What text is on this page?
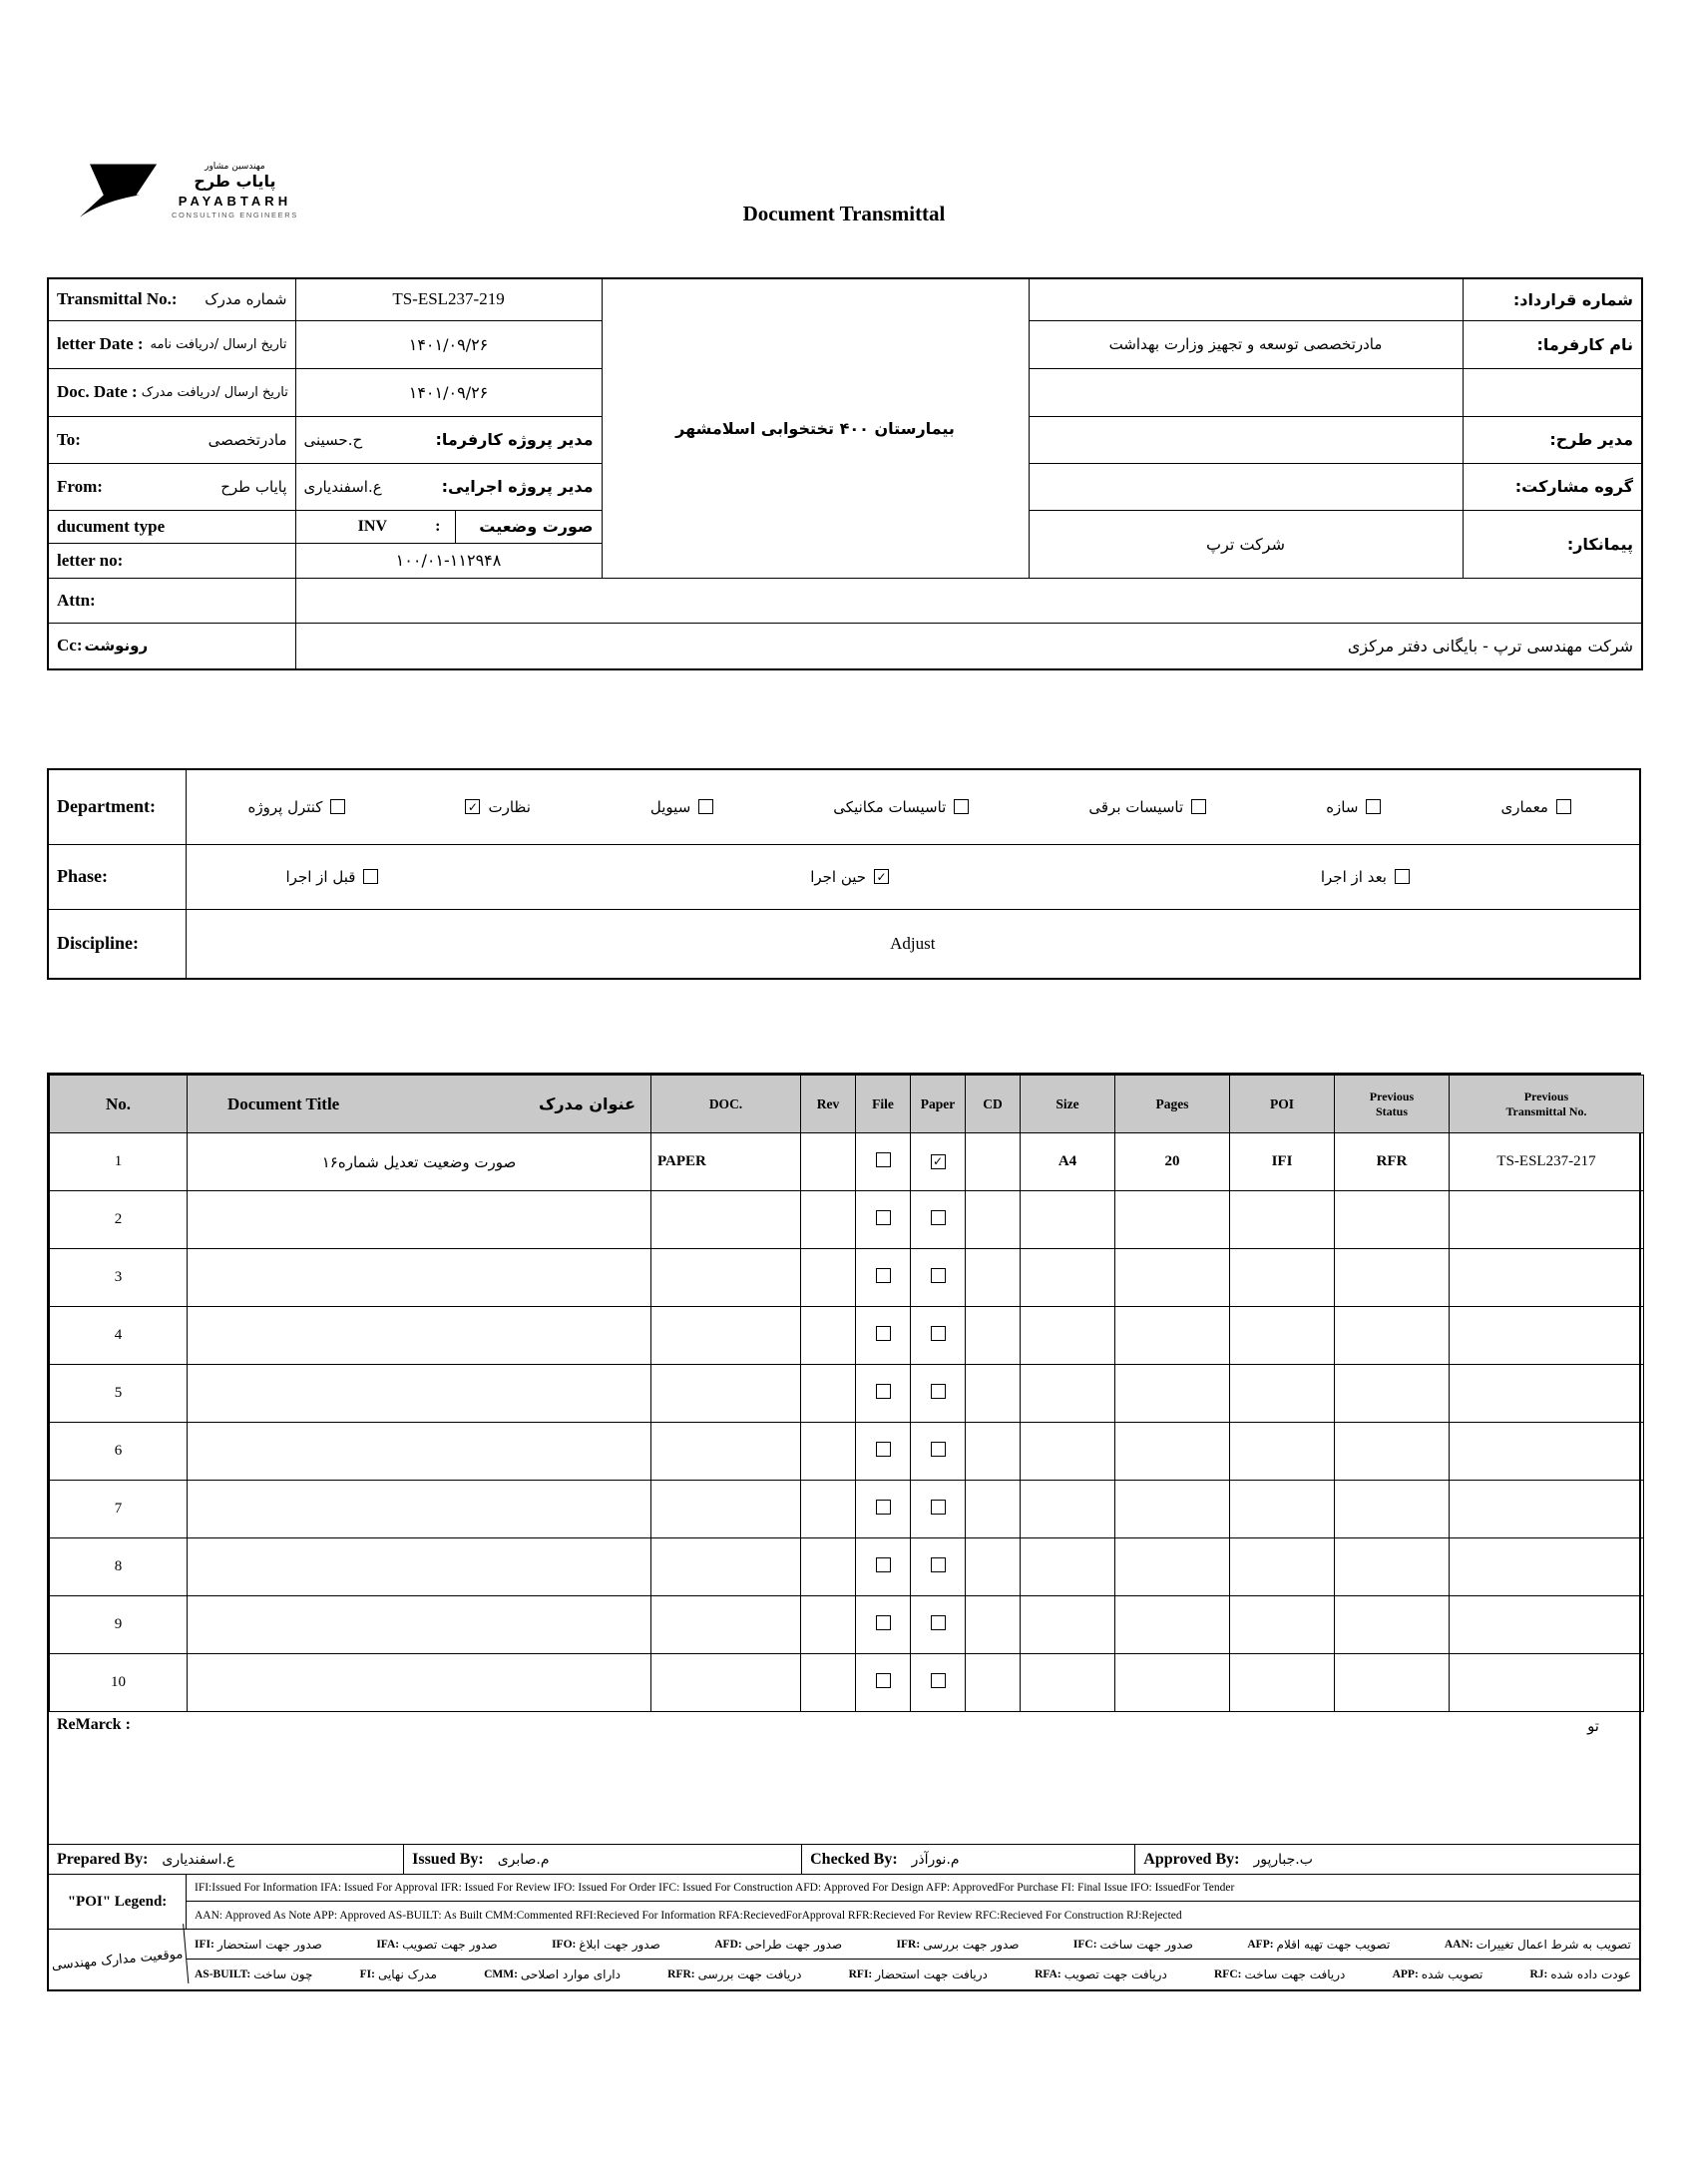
مهندسین مشاور
پایاب طرح
PAYABTARH
CONSULTING ENGINEERS	Document Transmittal
Transmittal No.: شماره مدرک	TS-ESL237-219		بیمارستان ۴۰۰ تختخوابی اسلامشهر		شماره قرارداد:

letter Date : تاریخ ارسال /دریافت نامه	۱۴۰۱/۰۹/۲۶			مادرتخصصی توسعه و تجهیز وزارت بهداشت	نام کارفرما:

Doc. Date : تاریخ ارسال /دریافت مدرک	۱۴۰۱/۰۹/۲۶				

To: مادرتخصصی	ح.حسینی مدیر پروژه کارفرما:				مدیر طرح:

From: پایاب طرح	ع.اسفندیاری مدیر پروژه اجرایی:				گروه مشارکت:
ducument type	INV :	صورت وضعیت		شرکت ترپ	پیمانکار:
letter no:	۱۰۰/۰۱-۱۱۲۹۴۸				
Attn:					

Cc: رونوشت	شرکت مهندسی ترپ - بایگانی دفتر مرکزی				
Department:	کنترل پروژه	✓ نظارت	سیویل	تاسیسات مکانیکی	تاسیسات برقی	سازه	معماری

Phase:	قبل از اجرا حین اجرا ✓ بعد از اجرا

Discipline:	Adjust
No.	Document Title عنوان مدرک	DOC.	Rev	File	Paper	CD	Size	Pages	POI	Previous Status	Previous Transmittal No.
1	صورت وضعیت تعدیل شماره۱۶	PAPER			✓		A4	20	IFI	RFR	TS-ESL237-217
2											
3											
4											
5											
6											
7											
8											
9											
10											
ReMarck :	تو
Prepared By: ع.اسفندیاری	Issued By: م.صابری	Checked By: م.نورآذر	Approved By: ب.جبارپور
"POI" Legend:
IFI:Issued For Information IFA: Issued For Approval IFR: Issued For Review IFO: Issued For Order IFC: Issued For Construction AFD: Approved For Design AFP: ApprovedFor Purchase FI: Final Issue IFO: IssuedFor Tender
AAN: Approved As Note APP: Approved AS-BUILT: As Built CMM:Commented RFI:Recieved For Information RFA:RecievedForApproval RFR:Recieved For Review RFC:Recieved For Construction RJ:Rejected
موقعیت مدارک مهندسی
IFI: صدور جهت استحضار	IFA: صدور جهت تصویب	IFO: صدور جهت ابلاغ	AFD: صدور جهت طراحی	IFR: صدور جهت بررسی	IFC: صدور جهت ساخت	AFP: تصویب جهت تهیه اقلام	AAN: تصویب به شرط اعمال تغییرات
AS-BUILT: چون ساخت	FI: مدرک نهایی	CMM: دارای موارد اصلاحی	RFR: دریافت جهت بررسی	RFI: دریافت جهت استحضار	RFA: دریافت جهت تصویب	RFC: دریافت جهت ساخت	APP: تصویب شده	RJ: عودت داده شده
